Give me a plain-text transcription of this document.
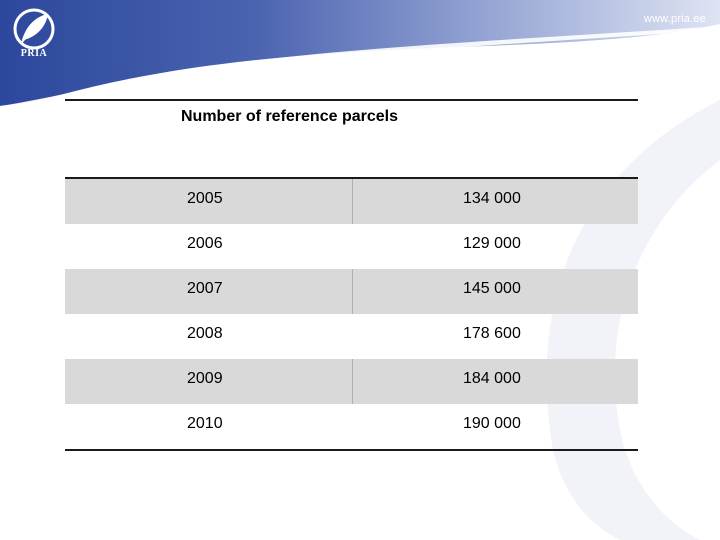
PRIA
www.pria.ee
Number of reference parcels
2005	134 000
2006	129 000
2007	145 000
2008	178 600
2009	184 000
2010	190 000
